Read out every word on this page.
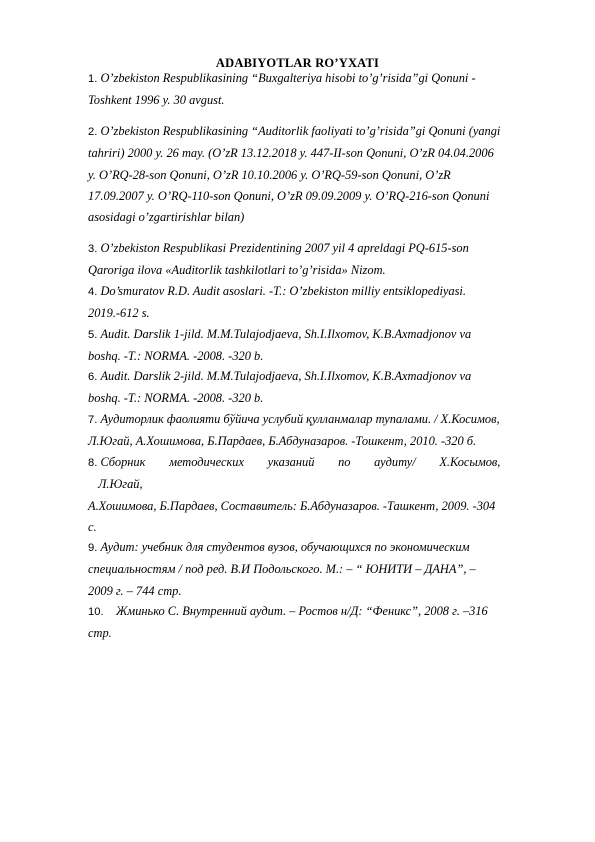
ADABIYOTLAR RO’YXATI
1. O’zbekiston Respublikasining “Buxgalteriya hisobi to’g’risida”gi Qonuni -
Toshkent 1996 y. 30 avgust.
2. O’zbekiston Respublikasining “Auditorlik faoliyati to’g’risida”gi Qonuni (yangi
tahriri) 2000 y. 26 may. (O’zR 13.12.2018 y. 447-II-son Qonuni, O’zR 04.04.2006
y. O’RQ-28-son Qonuni, O’zR 10.10.2006 y. O’RQ-59-son Qonuni, O’zR
17.09.2007 y. O’RQ-110-son Qonuni, O’zR 09.09.2009 y. O’RQ-216-son Qonuni
asosidagi o’zgartirishlar bilan)
3. O’zbekiston Respublikasi Prezidentining 2007 yil 4 apreldagi PQ-615-son
Qaroriga ilova «Auditorlik tashkilotlari to’g’risida» Nizom.
4. Do’smuratov R.D. Audit asoslari. -T.: O’zbekiston milliy entsiklopediyasi.
2019.-612 s.
5. Audit. Darslik 1-jild. M.M.Tulajodjaeva, Sh.I.Ilxomov, K.B.Axmadjonov va
boshq. -T.: NORMA. -2008. -320 b.
6. Audit. Darslik 2-jild. M.M.Tulajodjaeva, Sh.I.Ilxomov, K.B.Axmadjonov va
boshq. -T.: NORMA. -2008. -320 b.
7. Аудиторлик фаолияти бўйича услубий қулланмалар тупалами. / Х.Косимов,
Л.Югай, А.Хошимова, Б.Пардаев, Б.Абдуназаров. -Тошкент, 2010. -320 б.
8.
Сборник методических указаний по аудиту/ Х.Косымов,
Л.Югай,
А.Хошимова, Б.Пардаев, Составитель: Б.Абдуназаров. -Ташкент, 2009. -304
с.
9. Аудит: учебник для студентов вузов, обучающихся по экономическим
специальностям / под ред. В.И Подольского. М.: – “ ЮНИТИ – ДАНА”, –
2009 г. – 744 стр.
10. Жминько С. Внутренний аудит. – Ростов н/Д: “Феникс”, 2008 г. –316
стр.
